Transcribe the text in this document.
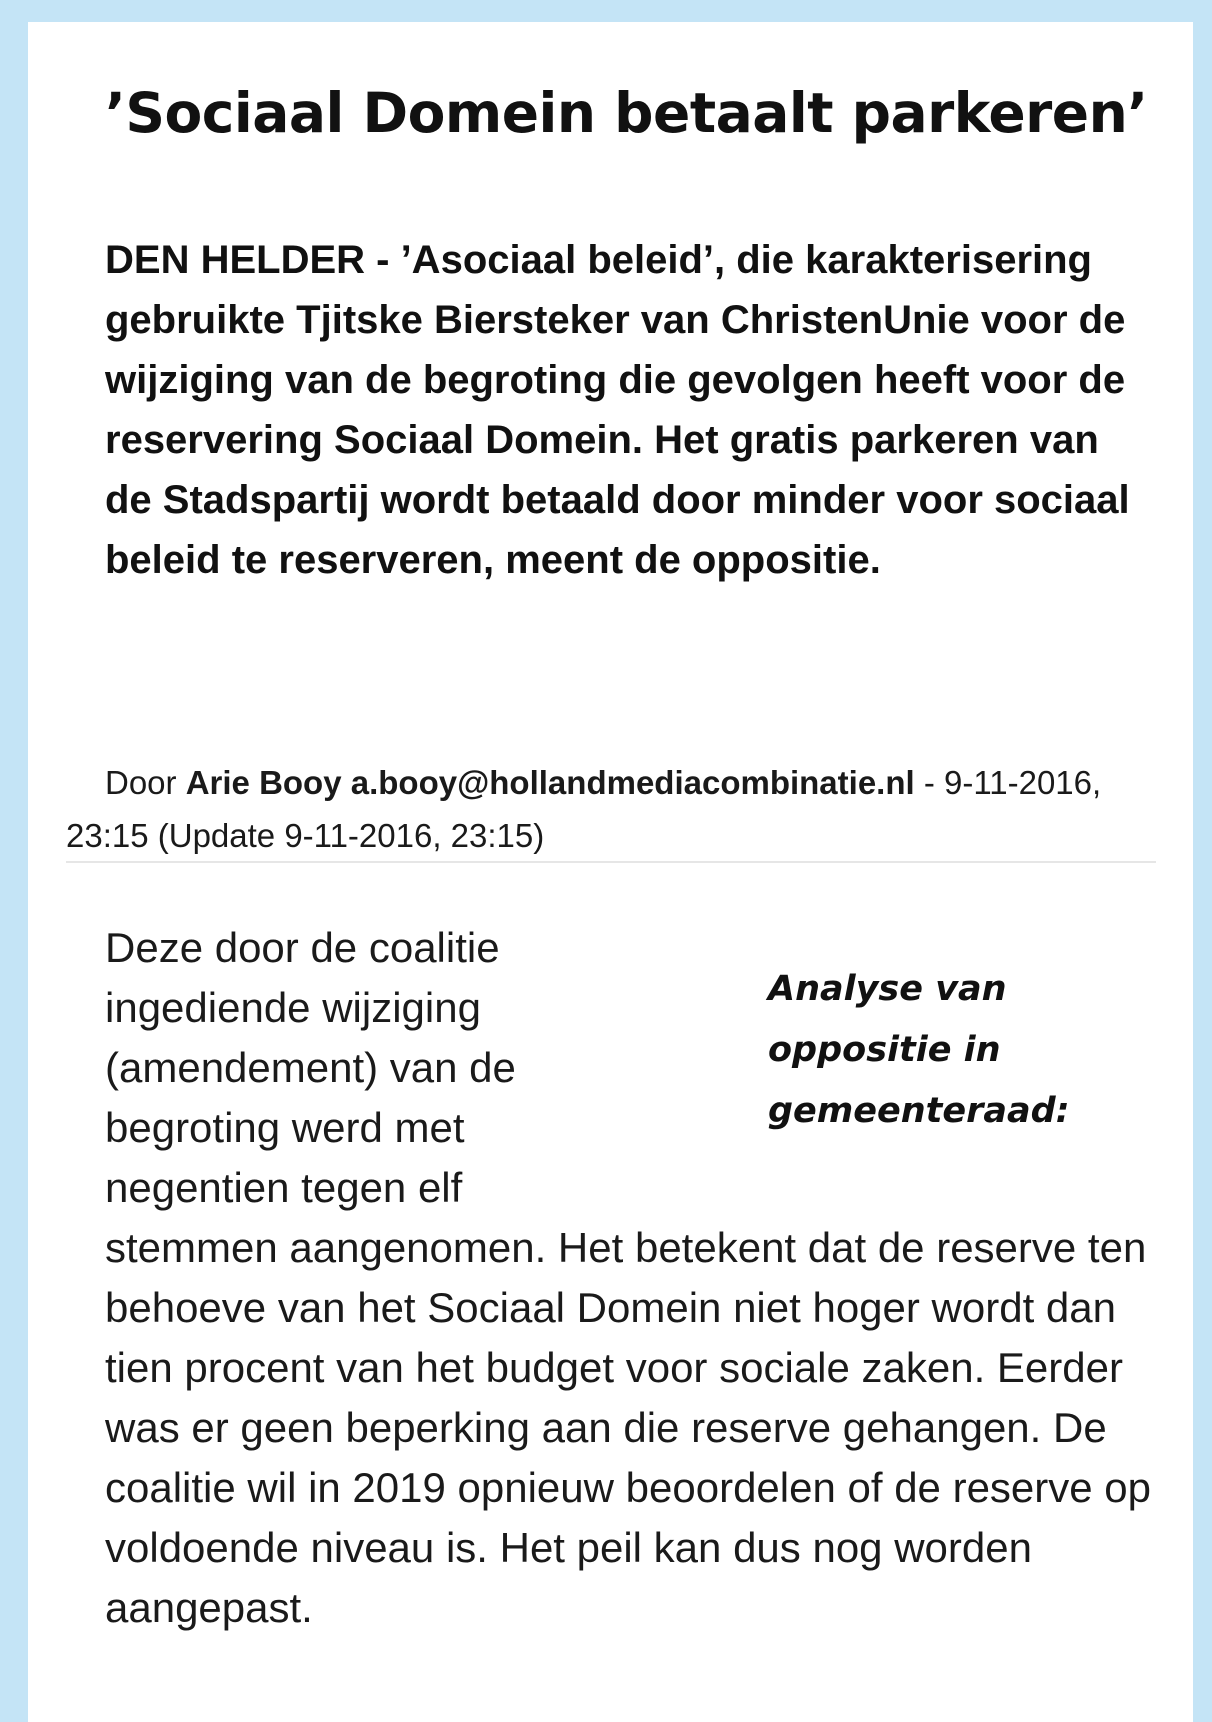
’Sociaal Domein betaalt parkeren’

DEN HELDER - ’Asociaal beleid’, die karakterisering gebruikte Tjitske Biersteker van ChristenUnie voor de wijziging van de begroting die gevolgen heeft voor de reservering Sociaal Domein. Het gratis parkeren van de Stadspartij wordt betaald door minder voor sociaal beleid te reserveren, meent de oppositie.

Door Arie Booy a.booy@hollandmediacombinatie.nl - 9-11-2016, 23:15 (Update 9-11-2016, 23:15)

Analyse van oppositie in gemeenteraad:

Deze door de coalitie ingediende wijziging (amendement) van de begroting werd met negentien tegen elf stemmen aangenomen. Het betekent dat de reserve ten behoeve van het Sociaal Domein niet hoger wordt dan tien procent van het budget voor sociale zaken. Eerder was er geen beperking aan die reserve gehangen. De coalitie wil in 2019 opnieuw beoordelen of de reserve op voldoende niveau is. Het peil kan dus nog worden aangepast.
